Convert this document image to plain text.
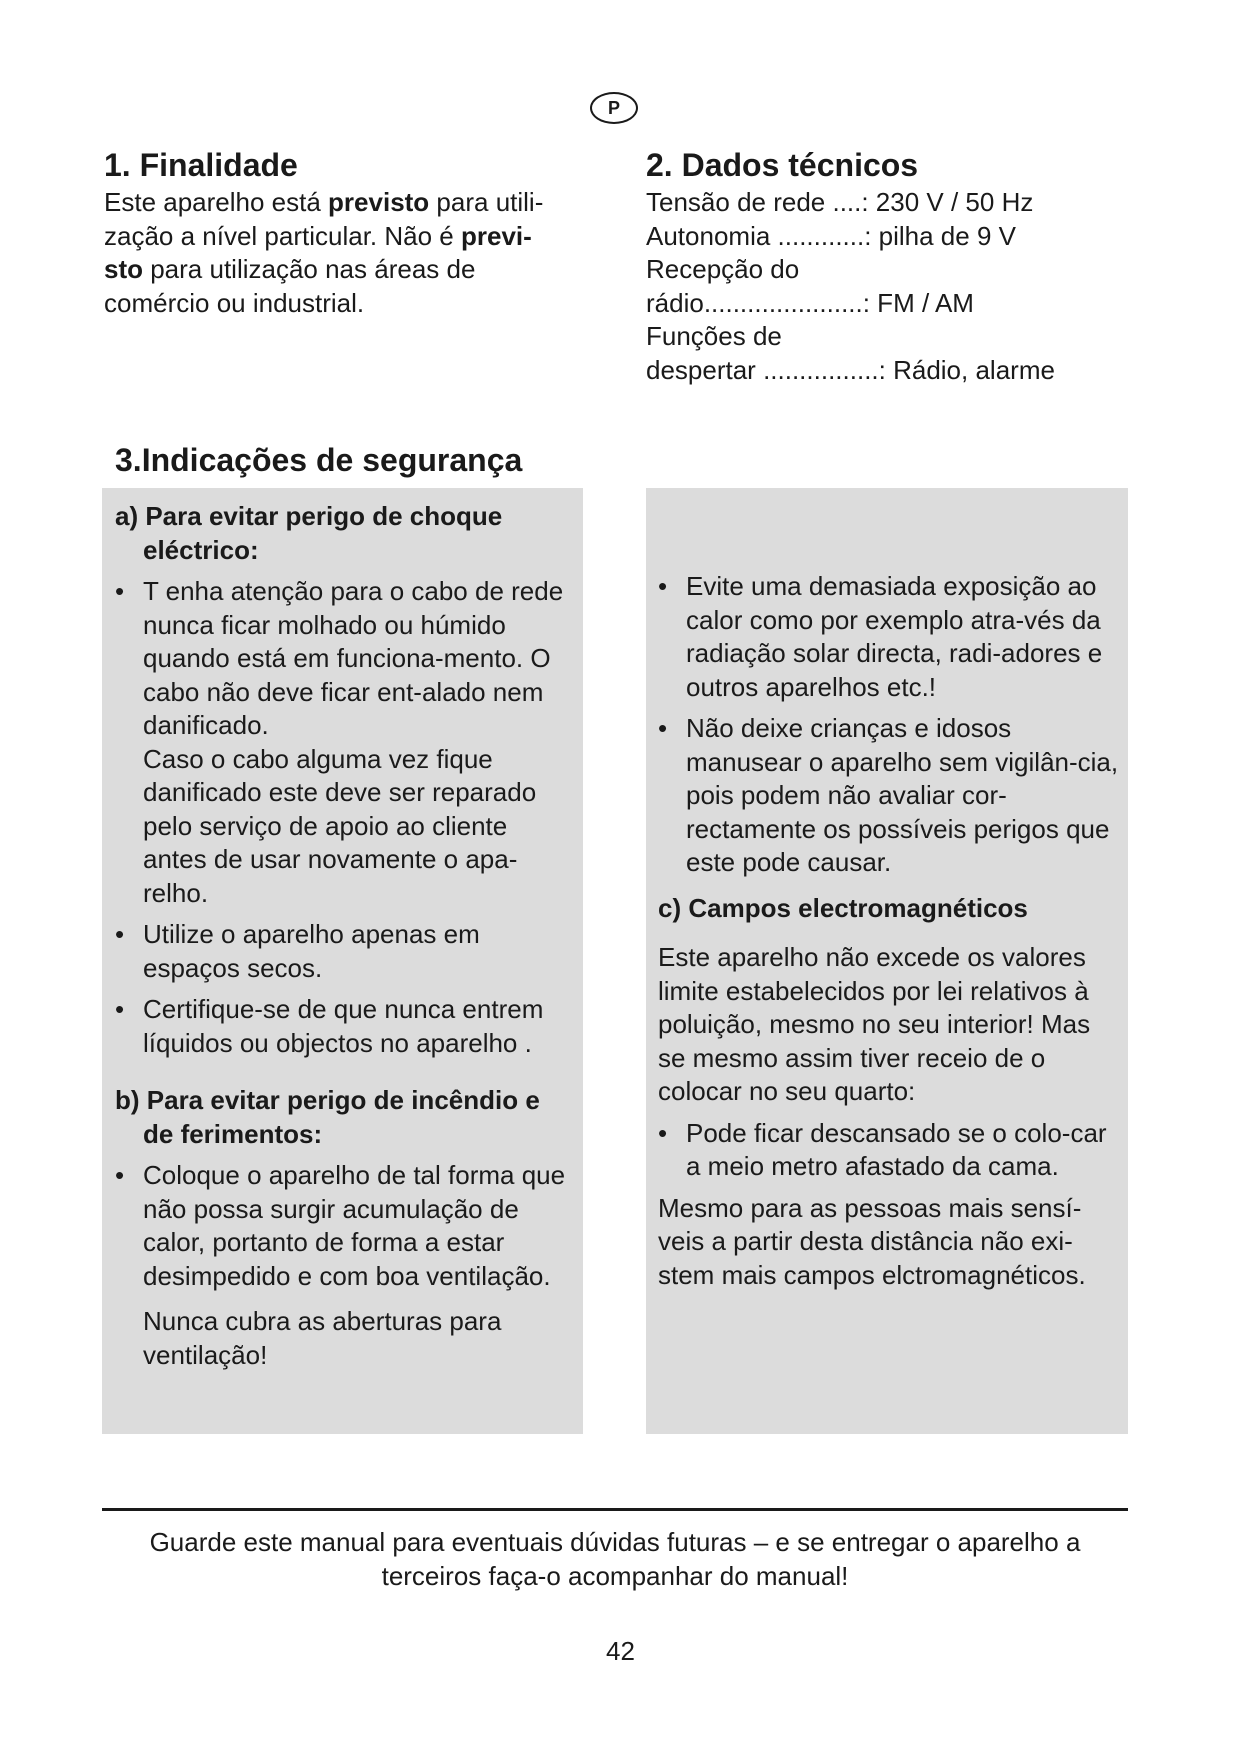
P
1. Finalidade
Este aparelho está previsto para utili-
zação a nível particular. Não é previ-
sto para utilização nas áreas de
comércio ou industrial.
2. Dados técnicos
Tensão de rede ....: 230 V / 50 Hz
Autonomia ............: pilha de 9 V
Recepção do
rádio......................: FM / AM
Funções de
despertar ................: Rádio, alarme
3.Indicações de segurança

a) Para evitar perigo de choque eléctrico:

• T enha atenção para o cabo de rede nunca ficar molhado ou húmido quando está em funciona-mento. O cabo não deve ficar ent-alado nem danificado.

Caso o cabo alguma vez fique danificado este deve ser reparado pelo serviço de apoio ao cliente antes de usar novamente o apa-relho.

• Utilize o aparelho apenas em espaços secos.
• Certifique-se de que nunca entrem líquidos ou objectos no aparelho .

b) Para evitar perigo de incêndio e de ferimentos:

• Coloque o aparelho de tal forma que não possa surgir acumulação de calor, portanto de forma a estar desimpedido e com boa ventilação.

Nunca cubra as aberturas para ventilação!

• Evite uma demasiada exposição ao calor como por exemplo atra-vés da radiação solar directa, radi-adores e outros aparelhos etc.!
• Não deixe crianças e idosos manusear o aparelho sem vigilân-cia, pois podem não avaliar cor-rectamente os possíveis perigos que este pode causar.

c) Campos electromagnéticos

Este aparelho não excede os valores limite estabelecidos por lei relativos à poluição, mesmo no seu interior! Mas se mesmo assim tiver receio de o colocar no seu quarto:

• Pode ficar descansado se o colo-car a meio metro afastado da cama.

Mesmo para as pessoas mais sensí-veis a partir desta distância não exi-stem mais campos elctromagnéticos.

Guarde este manual para eventuais dúvidas futuras – e se entregar o aparelho a
terceiros faça-o acompanhar do manual!
42
